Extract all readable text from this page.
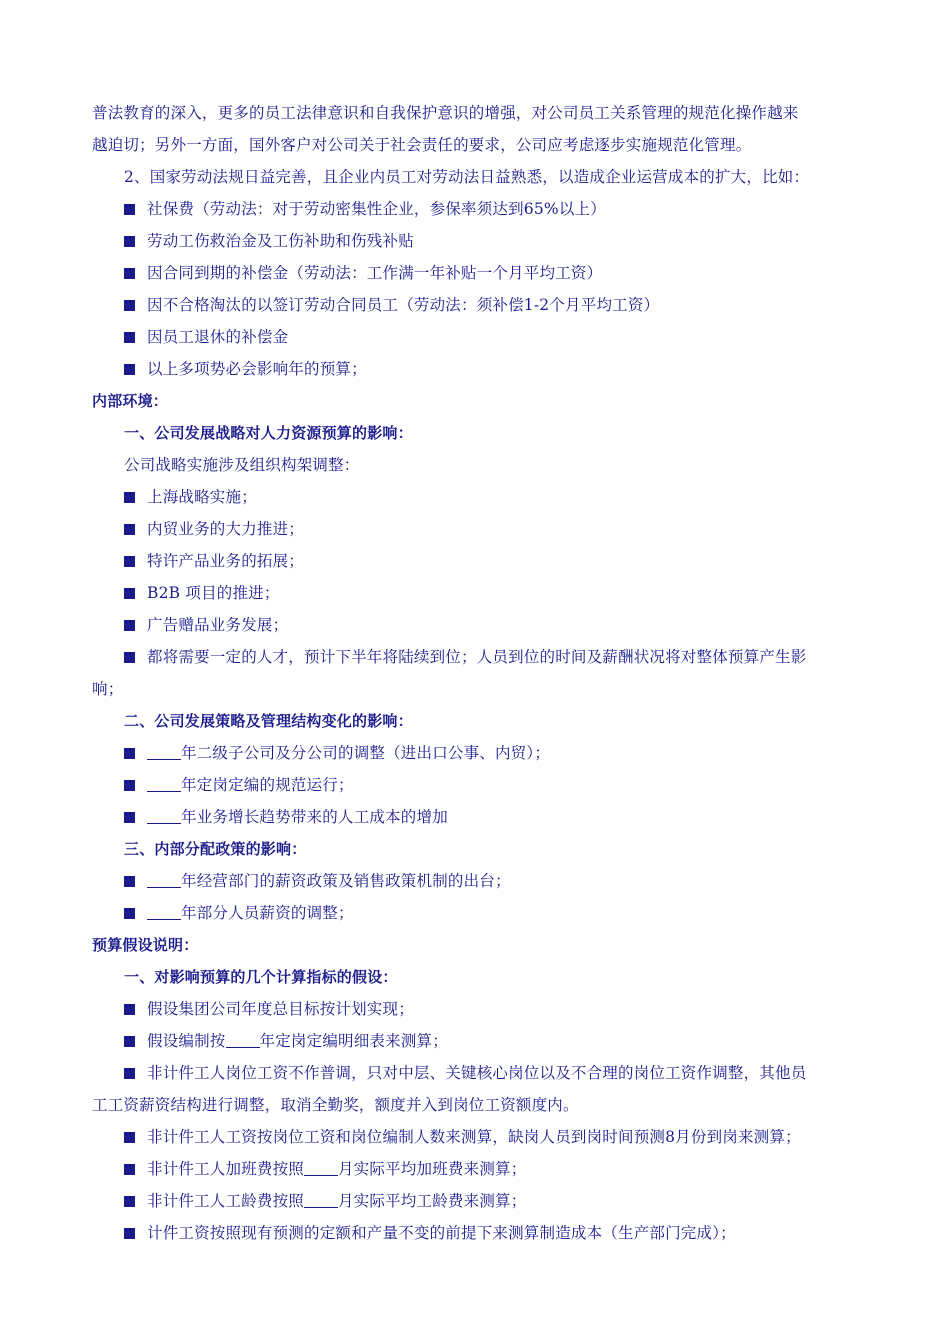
普法教育的深入，更多的员工法律意识和自我保护意识的增强，对公司员工关系管理的规范化操作越来
越迫切；另外一方面，国外客户对公司关于社会责任的要求，公司应考虑逐步实施规范化管理。
2、国家劳动法规日益完善，且企业内员工对劳动法日益熟悉，以造成企业运营成本的扩大，比如：
社保费（劳动法：对于劳动密集性企业，参保率须达到65%以上）
劳动工伤救治金及工伤补助和伤残补贴
因合同到期的补偿金（劳动法：工作满一年补贴一个月平均工资）
因不合格淘汰的以签订劳动合同员工（劳动法：须补偿1-2个月平均工资）
因员工退休的补偿金
以上多项势必会影响年的预算；
内部环境：
一、公司发展战略对人力资源预算的影响：
公司战略实施涉及组织构架调整：
上海战略实施；
内贸业务的大力推进；
特许产品业务的拓展；
B2B 项目的推进；
广告赠品业务发展；
都将需要一定的人才，预计下半年将陆续到位；人员到位的时间及薪酬状况将对整体预算产生影
响；
二、公司发展策略及管理结构变化的影响：
年二级子公司及分公司的调整（进出口公事、内贸）；
年定岗定编的规范运行；
年业务增长趋势带来的人工成本的增加
三、内部分配政策的影响：
年经营部门的薪资政策及销售政策机制的出台；
年部分人员薪资的调整；
预算假设说明：
一、对影响预算的几个计算指标的假设：
假设集团公司年度总目标按计划实现；
假设编制按 年定岗定编明细表来测算；
非计件工人岗位工资不作普调，只对中层、关键核心岗位以及不合理的岗位工资作调整，其他员
工工资薪资结构进行调整，取消全勤奖，额度并入到岗位工资额度内。
非计件工人工资按岗位工资和岗位编制人数来测算，缺岗人员到岗时间预测8月份到岗来测算；
非计件工人加班费按照 月实际平均加班费来测算；
非计件工人工龄费按照 月实际平均工龄费来测算；
计件工资按照现有预测的定额和产量不变的前提下来测算制造成本（生产部门完成）；
